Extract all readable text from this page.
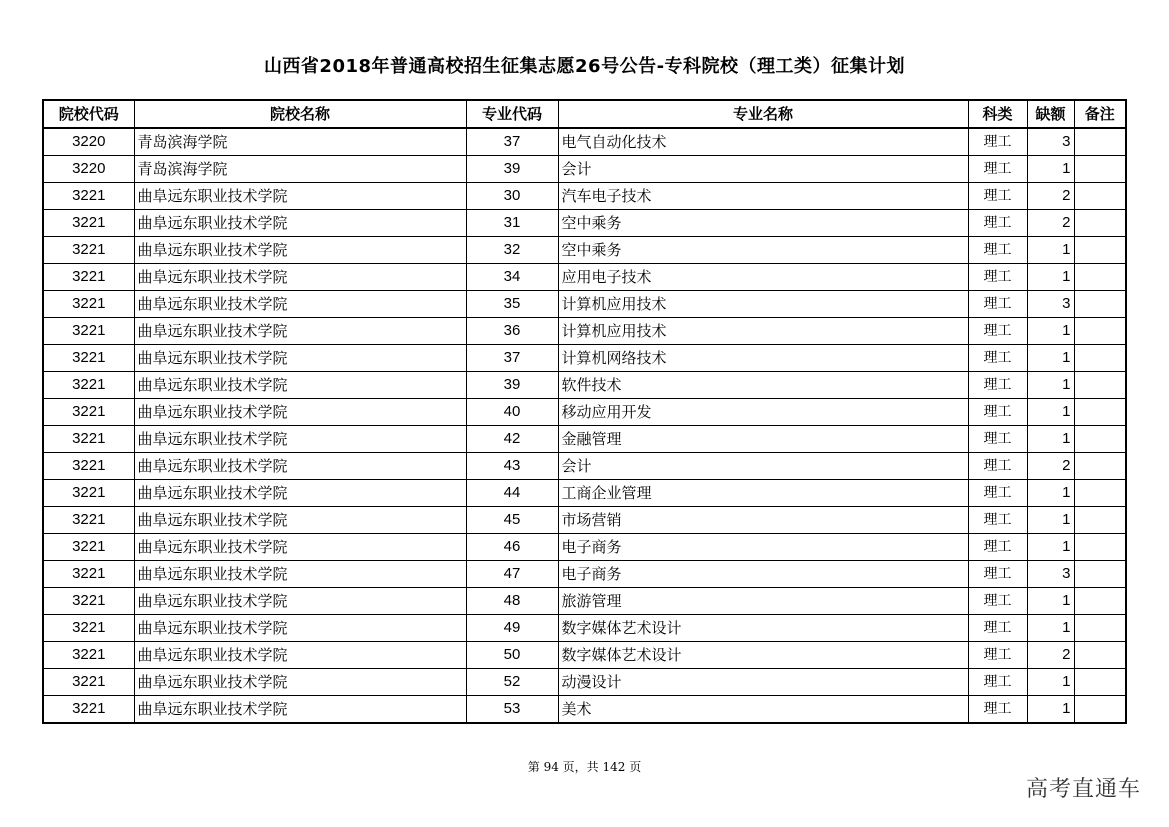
山西省2018年普通高校招生征集志愿26号公告-专科院校（理工类）征集计划
院校代码	院校名称	专业代码	专业名称	科类	缺额	备注
3220	青岛滨海学院	37	电气自动化技术	理工	3	
3220	青岛滨海学院	39	会计	理工	1	
3221	曲阜远东职业技术学院	30	汽车电子技术	理工	2	
3221	曲阜远东职业技术学院	31	空中乘务	理工	2	
3221	曲阜远东职业技术学院	32	空中乘务	理工	1	
3221	曲阜远东职业技术学院	34	应用电子技术	理工	1	
3221	曲阜远东职业技术学院	35	计算机应用技术	理工	3	
3221	曲阜远东职业技术学院	36	计算机应用技术	理工	1	
3221	曲阜远东职业技术学院	37	计算机网络技术	理工	1	
3221	曲阜远东职业技术学院	39	软件技术	理工	1	
3221	曲阜远东职业技术学院	40	移动应用开发	理工	1	
3221	曲阜远东职业技术学院	42	金融管理	理工	1	
3221	曲阜远东职业技术学院	43	会计	理工	2	
3221	曲阜远东职业技术学院	44	工商企业管理	理工	1	
3221	曲阜远东职业技术学院	45	市场营销	理工	1	
3221	曲阜远东职业技术学院	46	电子商务	理工	1	
3221	曲阜远东职业技术学院	47	电子商务	理工	3	
3221	曲阜远东职业技术学院	48	旅游管理	理工	1	
3221	曲阜远东职业技术学院	49	数字媒体艺术设计	理工	1	
3221	曲阜远东职业技术学院	50	数字媒体艺术设计	理工	2	
3221	曲阜远东职业技术学院	52	动漫设计	理工	1	
3221	曲阜远东职业技术学院	53	美术	理工	1	
第 94 页，共 142 页
高考直通车
